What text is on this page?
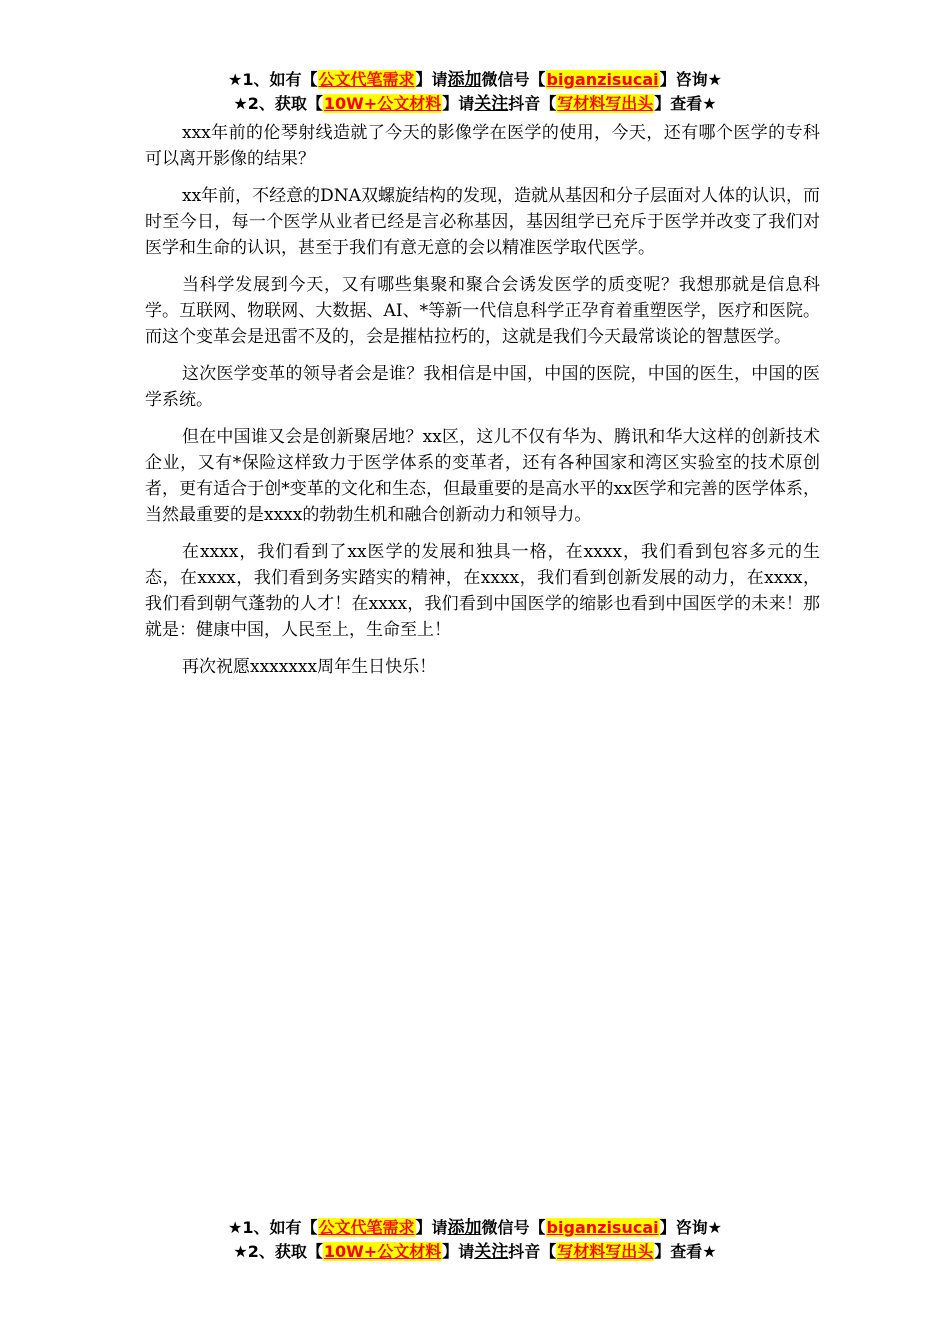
★1、如有【公文代笔需求】请添加微信号【biganzisucai】咨询★
★2、获取【10W+公文材料】请关注抖音【写材料写出头】查看★

xxx年前的伦琴射线造就了今天的影像学在医学的使用，今天，还有哪个医学的专科可以离开影像的结果？

xx年前，不经意的DNA双螺旋结构的发现，造就从基因和分子层面对人体的认识，而时至今日，每一个医学从业者已经是言必称基因，基因组学已充斥于医学并改变了我们对医学和生命的认识，甚至于我们有意无意的会以精准医学取代医学。

当科学发展到今天，又有哪些集聚和聚合会诱发医学的质变呢？我想那就是信息科学。互联网、物联网、大数据、AI、*等新一代信息科学正孕育着重塑医学，医疗和医院。而这个变革会是迅雷不及的，会是摧枯拉朽的，这就是我们今天最常谈论的智慧医学。

这次医学变革的领导者会是谁？我相信是中国，中国的医院，中国的医生，中国的医学系统。

但在中国谁又会是创新聚居地？xx区，这儿不仅有华为、腾讯和华大这样的创新技术企业，又有*保险这样致力于医学体系的变革者，还有各种国家和湾区实验室的技术原创者，更有适合于创*变革的文化和生态，但最重要的是高水平的xx医学和完善的医学体系，当然最重要的是xxxx的勃勃生机和融合创新动力和领导力。

在xxxx，我们看到了xx医学的发展和独具一格，在xxxx，我们看到包容多元的生态，在xxxx，我们看到务实踏实的精神，在xxxx，我们看到创新发展的动力，在xxxx，我们看到朝气蓬勃的人才！在xxxx，我们看到中国医学的缩影也看到中国医学的未来！那就是：健康中国，人民至上，生命至上！

再次祝愿xxxxxxx周年生日快乐！

★1、如有【公文代笔需求】请添加微信号【biganzisucai】咨询★
★2、获取【10W+公文材料】请关注抖音【写材料写出头】查看★
